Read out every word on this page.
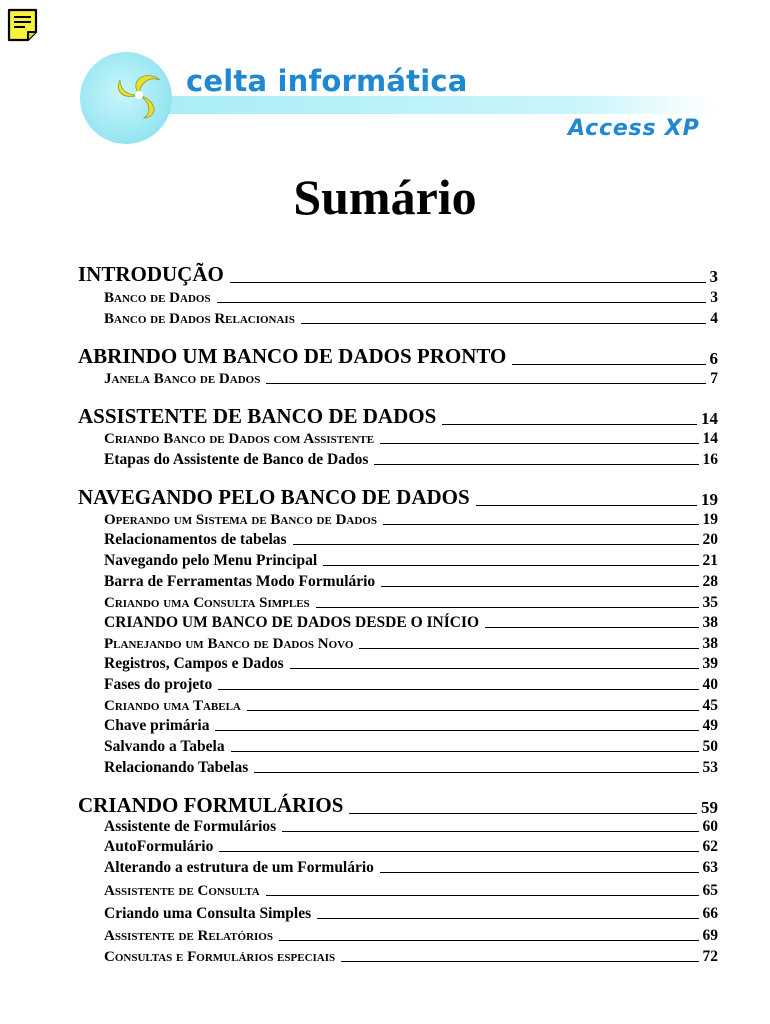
celta informática
Access XP
Sumário
INTRODUÇÃO	3
Banco de Dados	3
Banco de Dados Relacionais	4
ABRINDO UM BANCO DE DADOS PRONTO	6
Janela Banco de Dados	7
ASSISTENTE DE BANCO DE DADOS	14
Criando Banco de Dados com Assistente	14
Etapas do Assistente de Banco de Dados	16
NAVEGANDO PELO BANCO DE DADOS	19
Operando um Sistema de Banco de Dados	19
Relacionamentos de tabelas	20
Navegando pelo Menu Principal	21
Barra de Ferramentas Modo Formulário	28
Criando uma Consulta Simples	35
CRIANDO UM BANCO DE DADOS DESDE O INÍCIO	38
Planejando um Banco de Dados Novo	38
Registros, Campos e Dados	39
Fases do projeto	40
Criando uma Tabela	45
Chave primária	49
Salvando a Tabela	50
Relacionando Tabelas	53
CRIANDO FORMULÁRIOS	59
Assistente de Formulários	60
AutoFormulário	62
Alterando a estrutura de um Formulário	63
Assistente de Consulta	65
Criando uma Consulta Simples	66
Assistente de Relatórios	69
Consultas e Formulários especiais	72
